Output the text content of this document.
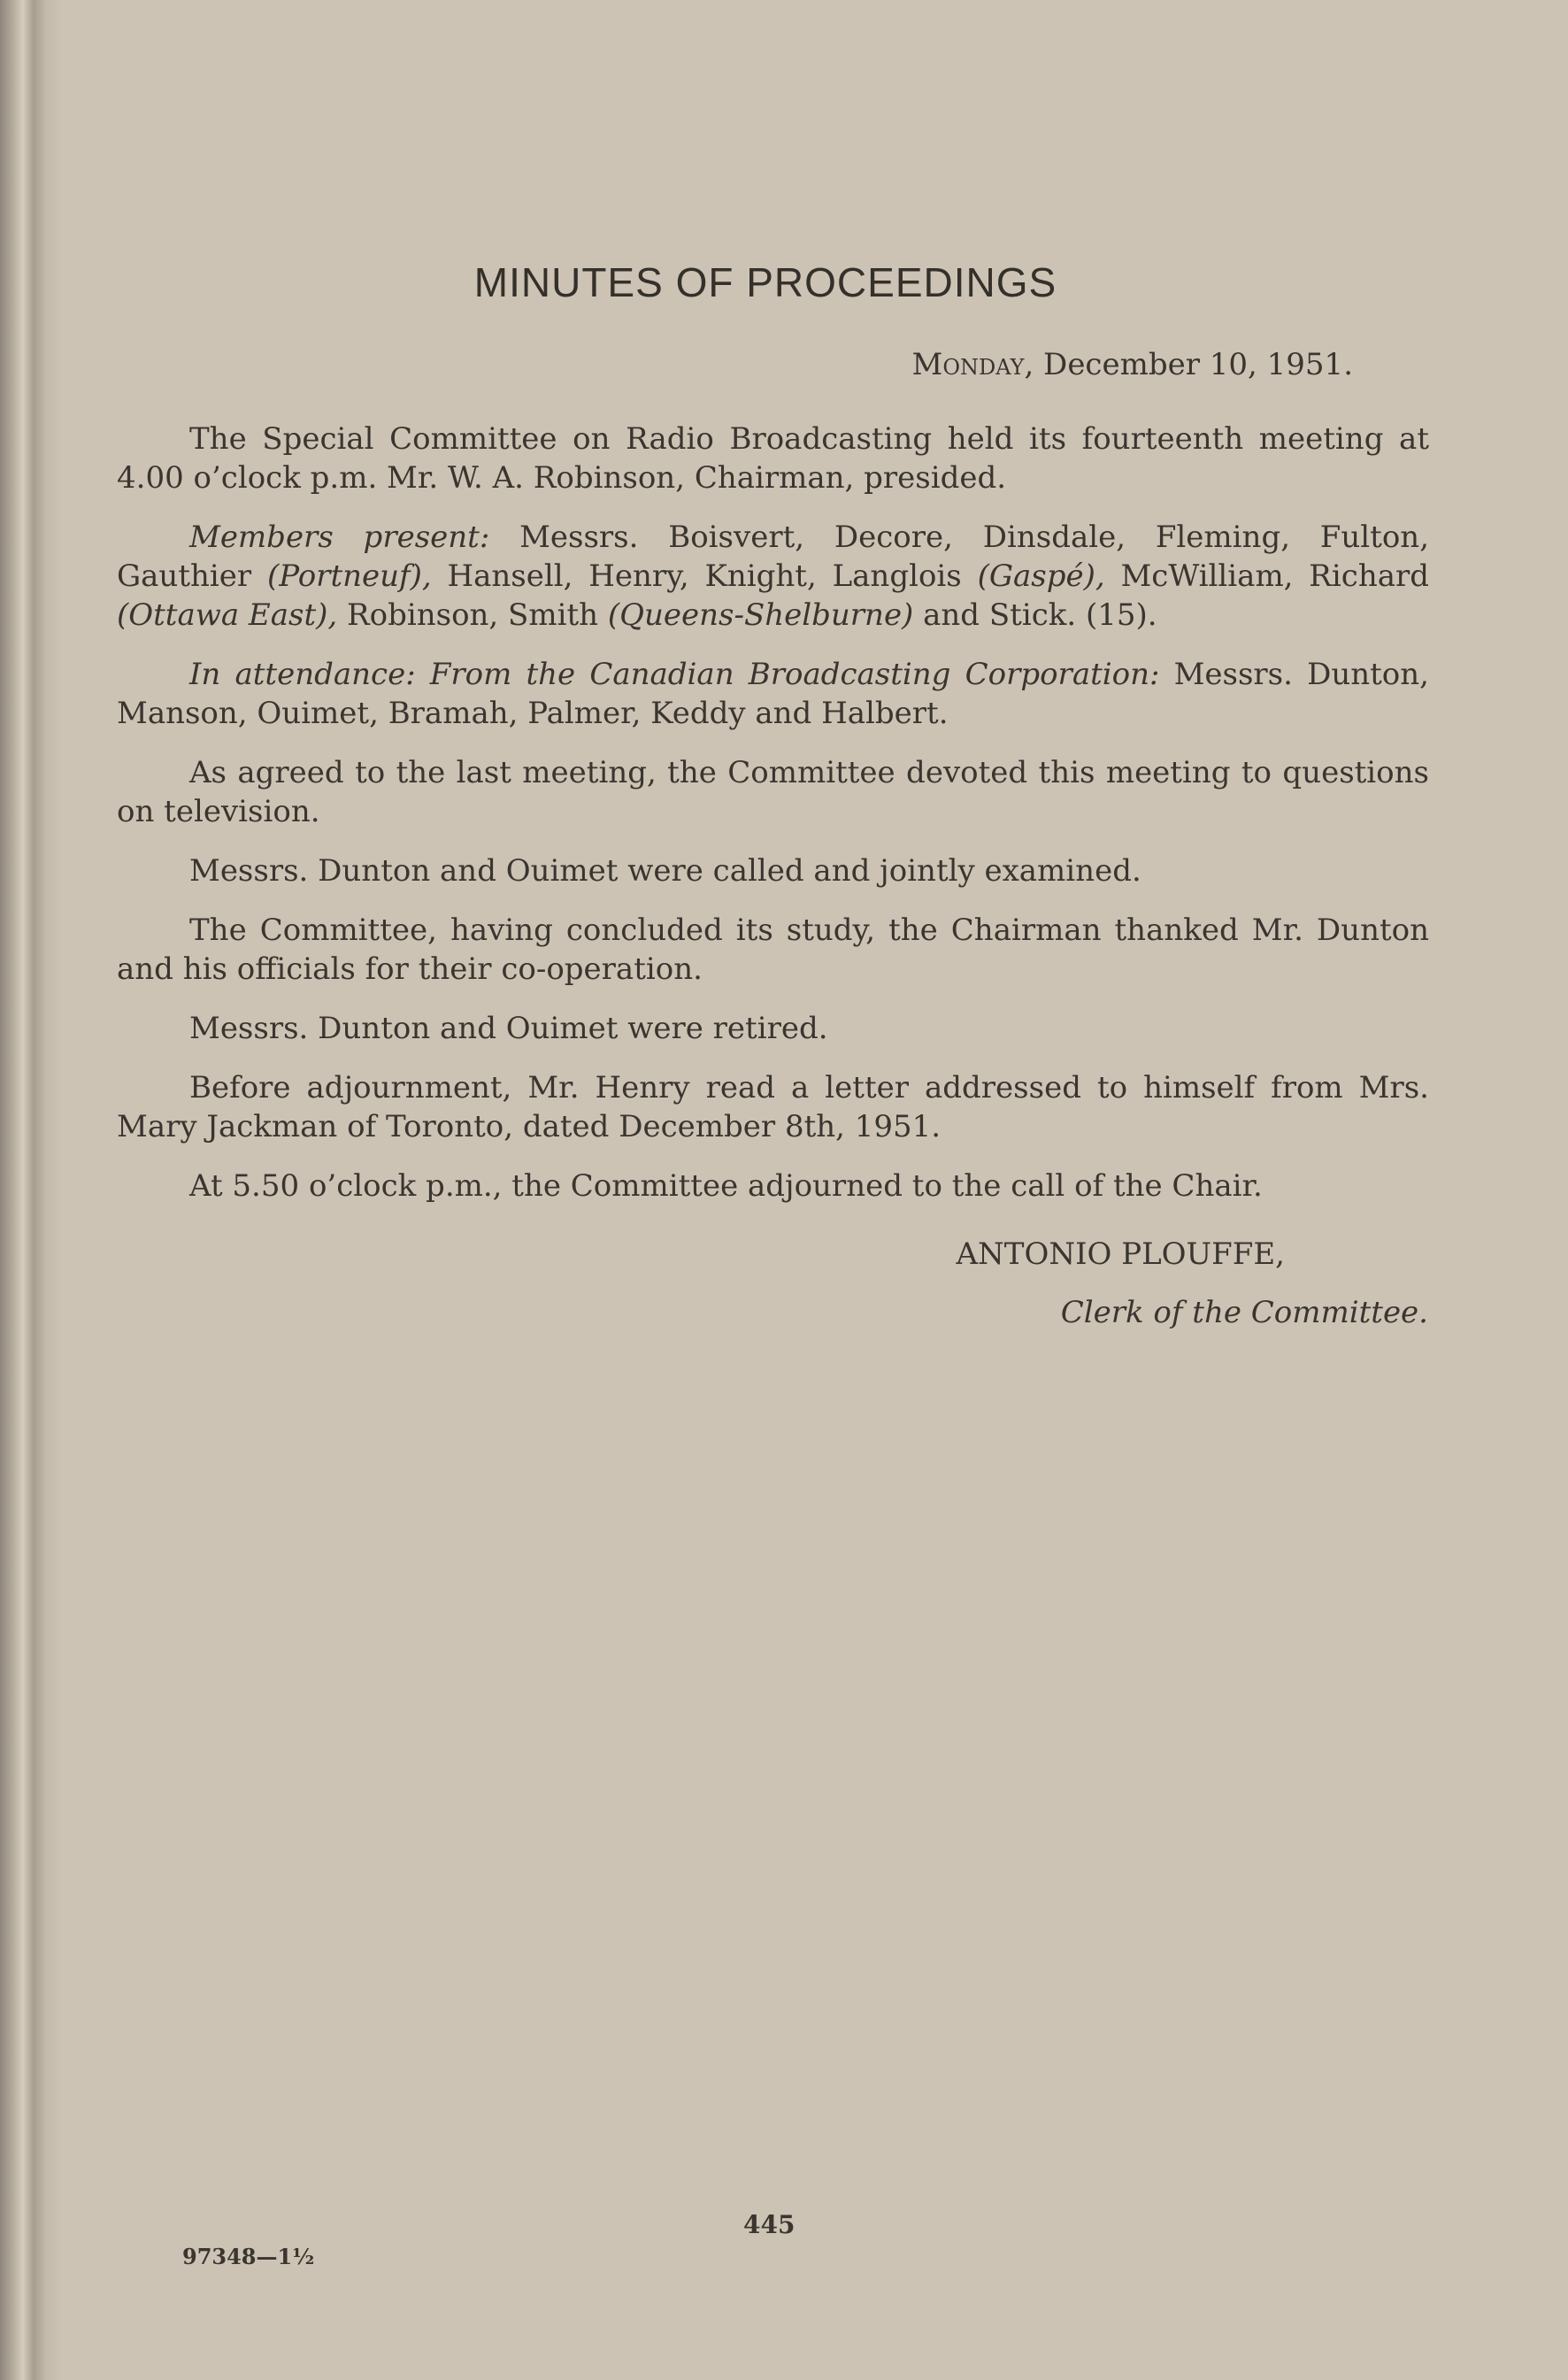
MINUTES OF PROCEEDINGS

Monday, December 10, 1951.

The Special Committee on Radio Broadcasting held its fourteenth meeting at 4.00 o’clock p.m. Mr. W. A. Robinson, Chairman, presided.

Members present: Messrs. Boisvert, Decore, Dinsdale, Fleming, Fulton, Gauthier (Portneuf), Hansell, Henry, Knight, Langlois (Gaspé), McWilliam, Richard (Ottawa East), Robinson, Smith (Queens-Shelburne) and Stick. (15).

In attendance: From the Canadian Broadcasting Corporation: Messrs. Dunton, Manson, Ouimet, Bramah, Palmer, Keddy and Halbert.

As agreed to the last meeting, the Committee devoted this meeting to questions on television.

Messrs. Dunton and Ouimet were called and jointly examined.

The Committee, having concluded its study, the Chairman thanked Mr. Dunton and his officials for their co-operation.

Messrs. Dunton and Ouimet were retired.

Before adjournment, Mr. Henry read a letter addressed to himself from Mrs. Mary Jackman of Toronto, dated December 8th, 1951.

At 5.50 o’clock p.m., the Committee adjourned to the call of the Chair.

ANTONIO PLOUFFE,

Clerk of the Committee.

445

97348—1½
